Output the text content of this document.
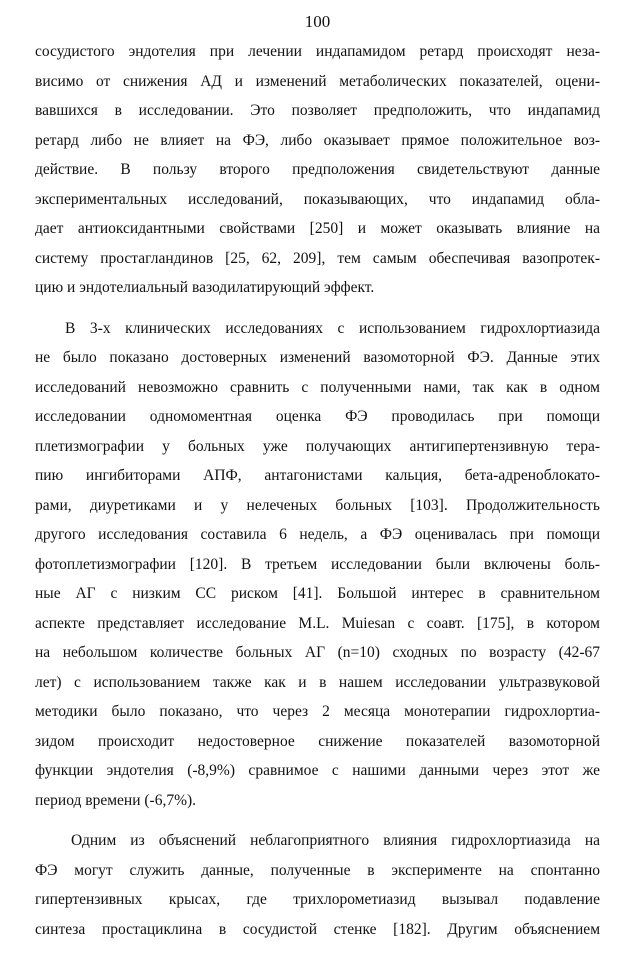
100

сосудистого эндотелия при лечении индапамидом ретард происходят неза-
висимо от снижения АД и изменений метаболических показателей, оцени-
вавшихся в исследовании. Это позволяет предположить, что индапамид
ретард либо не влияет на ФЭ, либо оказывает прямое положительное воз-
действие. В пользу второго предположения свидетельствуют данные
экспериментальных исследований, показывающих, что индапамид обла-
дает антиоксидантными свойствами [250] и может оказывать влияние на
систему простагландинов [25, 62, 209], тем самым обеспечивая вазопротек-
цию и эндотелиальный вазодилатирующий эффект.

В 3-х клинических исследованиях с использованием гидрохлортиазида
не было показано достоверных изменений вазомоторной ФЭ. Данные этих
исследований невозможно сравнить с полученными нами, так как в одном
исследовании одномоментная оценка ФЭ проводилась при помощи
плетизмографии у больных уже получающих антигипертензивную тера-
пию ингибиторами АПФ, антагонистами кальция, бета-адреноблокато-
рами, диуретиками и у нелеченых больных [103]. Продолжительность
другого исследования составила 6 недель, а ФЭ оценивалась при помощи
фотоплетизмографии [120]. В третьем исследовании были включены боль-
ные АГ с низким СС риском [41]. Большой интерес в сравнительном
аспекте представляет исследование M.L. Muiesan с соавт. [175], в котором
на небольшом количестве больных АГ (n=10) сходных по возрасту (42-67
лет) с использованием также как и в нашем исследовании ультразвуковой
методики было показано, что через 2 месяца монотерапии гидрохлортиа-
зидом происходит недостоверное снижение показателей вазомоторной
функции эндотелия (-8,9%) сравнимое с нашими данными через этот же
период времени (-6,7%).

Одним из объяснений неблагоприятного влияния гидрохлортиазида на
ФЭ могут служить данные, полученные в эксперименте на спонтанно
гипертензивных крысах, где трихлорометиазид вызывал подавление
синтеза простациклина в сосудистой стенке [182]. Другим объяснением
